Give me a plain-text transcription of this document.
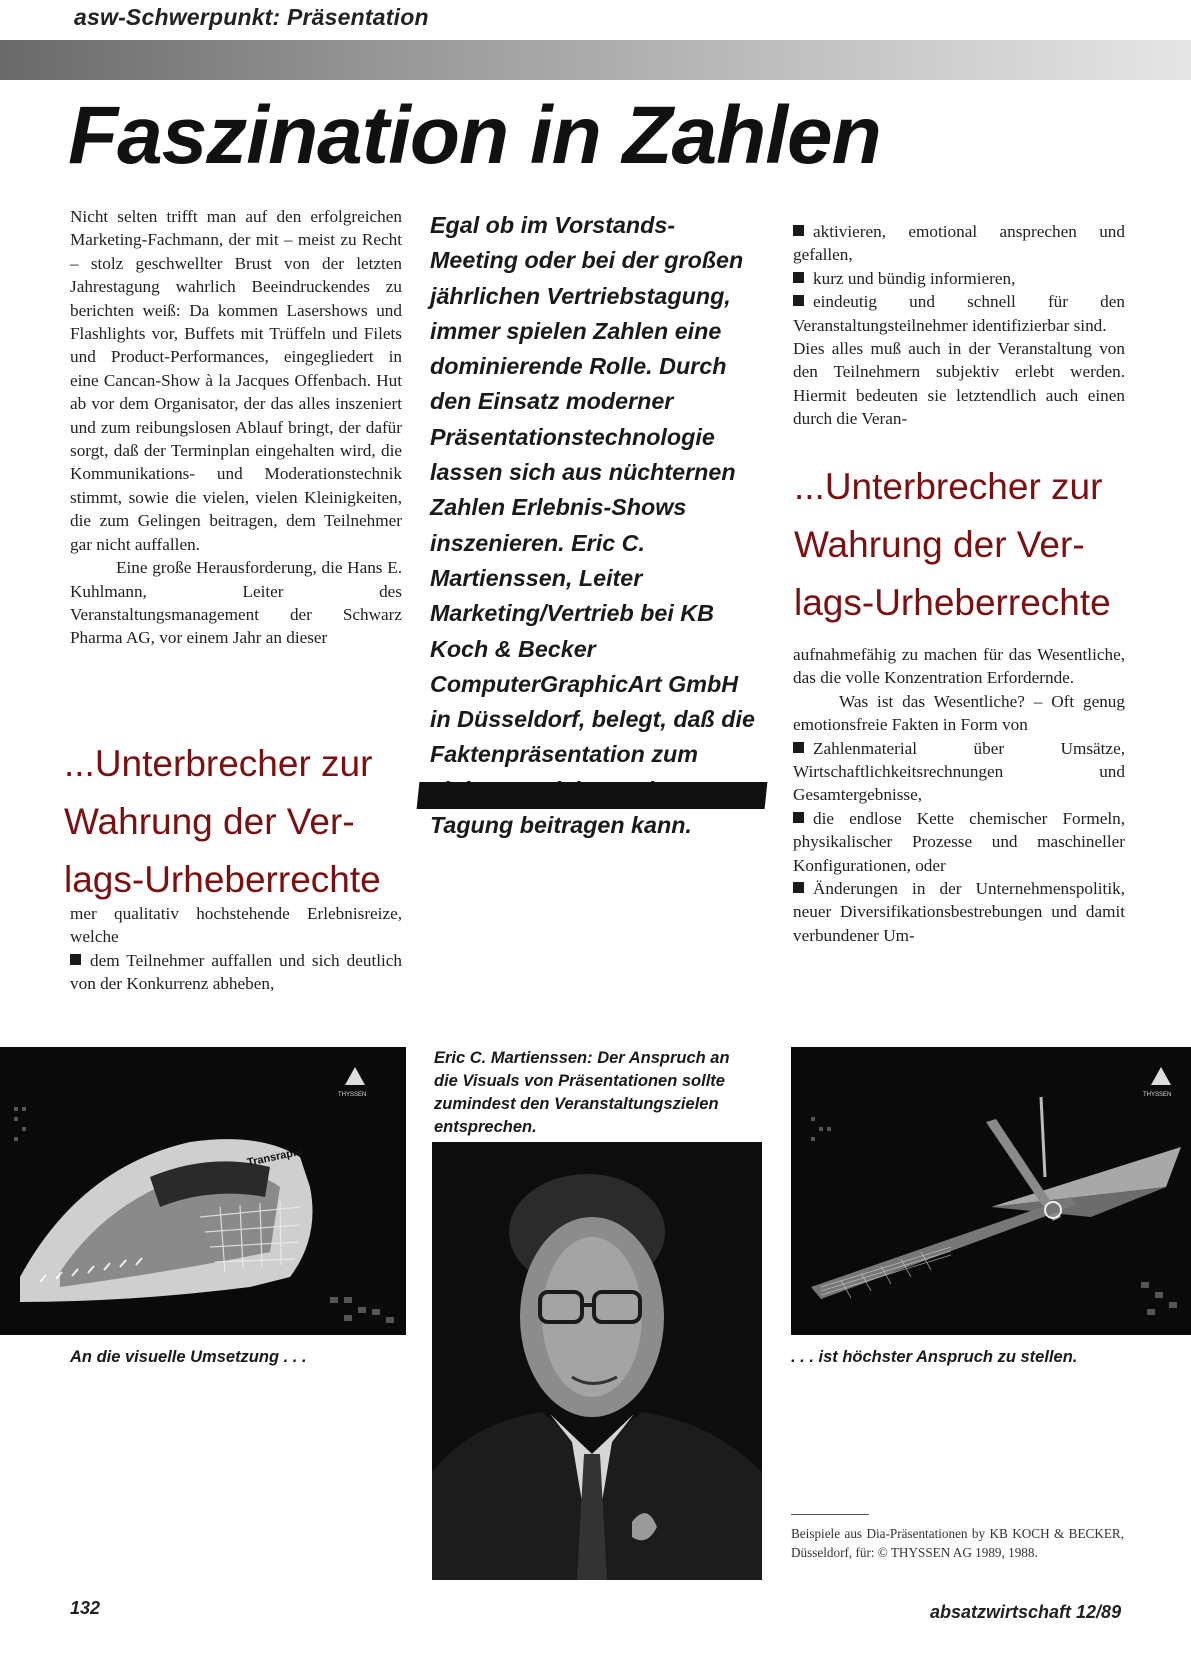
asw-Schwerpunkt: Präsentation
Faszination in Zahlen

Nicht selten trifft man auf den erfolgreichen Marketing-Fachmann, der mit – meist zu Recht – stolz geschwellter Brust von der letzten Jahrestagung wahrlich Beeindruckendes zu berichten weiß: Da kommen Lasershows und Flashlights vor, Buffets mit Trüffeln und Filets und Product-Performances, eingegliedert in eine Cancan-Show à la Jacques Offenbach. Hut ab vor dem Organisator, der das alles inszeniert und zum reibungslosen Ablauf bringt, der dafür sorgt, daß der Terminplan eingehalten wird, die Kommunikations- und Moderationstechnik stimmt, sowie die vielen, vielen Kleinigkeiten, die zum Gelingen beitragen, dem Teilnehmer gar nicht auffallen.

Eine große Herausforderung, die Hans E. Kuhlmann, Leiter des Veranstaltungsmanagement der Schwarz Pharma AG, vor einem Jahr an dieser

...Unterbrecher zur
Wahrung der Ver-
lags-Urheberrechte

mer qualitativ hochstehende Erlebnisreize, welche

dem Teilnehmer auffallen und sich deutlich von der Konkurrenz abheben,

Egal ob im Vorstands-Meeting oder bei der großen jährlichen Vertriebstagung, immer spielen Zahlen eine dominierende Rolle. Durch den Einsatz moderner Präsentationstechnologie lassen sich aus nüchternen Zahlen Erlebnis-Shows inszenieren. Eric C. Martienssen, Leiter Marketing/Vertrieb bei KB Koch & Becker ComputerGraphicArt GmbH in Düsseldorf, belegt, daß die Faktenpräsentation zum Tagung beitragen kann.

aktivieren, emotional ansprechen und gefallen,

kurz und bündig informieren,

eindeutig und schnell für den Veranstaltungsteilnehmer identifizierbar sind.

Dies alles muß auch in der Veranstaltung von den Teilnehmern subjektiv erlebt werden. Hiermit bedeuten sie letztendlich auch einen durch die Veran-

...Unterbrecher zur
Wahrung der Ver-
lags-Urheberrechte

aufnahmefähig zu machen für das Wesentliche, das die volle Konzentration Erfordernde.

Was ist das Wesentliche? – Oft genug emotionsfreie Fakten in Form von

Zahlenmaterial über Umsätze, Wirtschaftlichkeitsrechnungen und Gesamtergebnisse,

die endlose Kette chemischer Formeln, physikalischer Prozesse und maschineller Konfigurationen, oder

Änderungen in der Unternehmenspolitik, neuer Diversifikationsbestrebungen und damit verbundener Um-

Transrapid
THYSSEN
An die visuelle Umsetzung . . .
Eric C. Martienssen: Der Anspruch an die Visuals von Präsentationen sollte zumindest den Veranstaltungszielen entsprechen.
THYSSEN
. . . ist höchster Anspruch zu stellen.
Beispiele aus Dia-Präsentationen by KB KOCH & BECKER, Düsseldorf, für: © THYSSEN AG 1989, 1988.
132	absatzwirtschaft 12/89
